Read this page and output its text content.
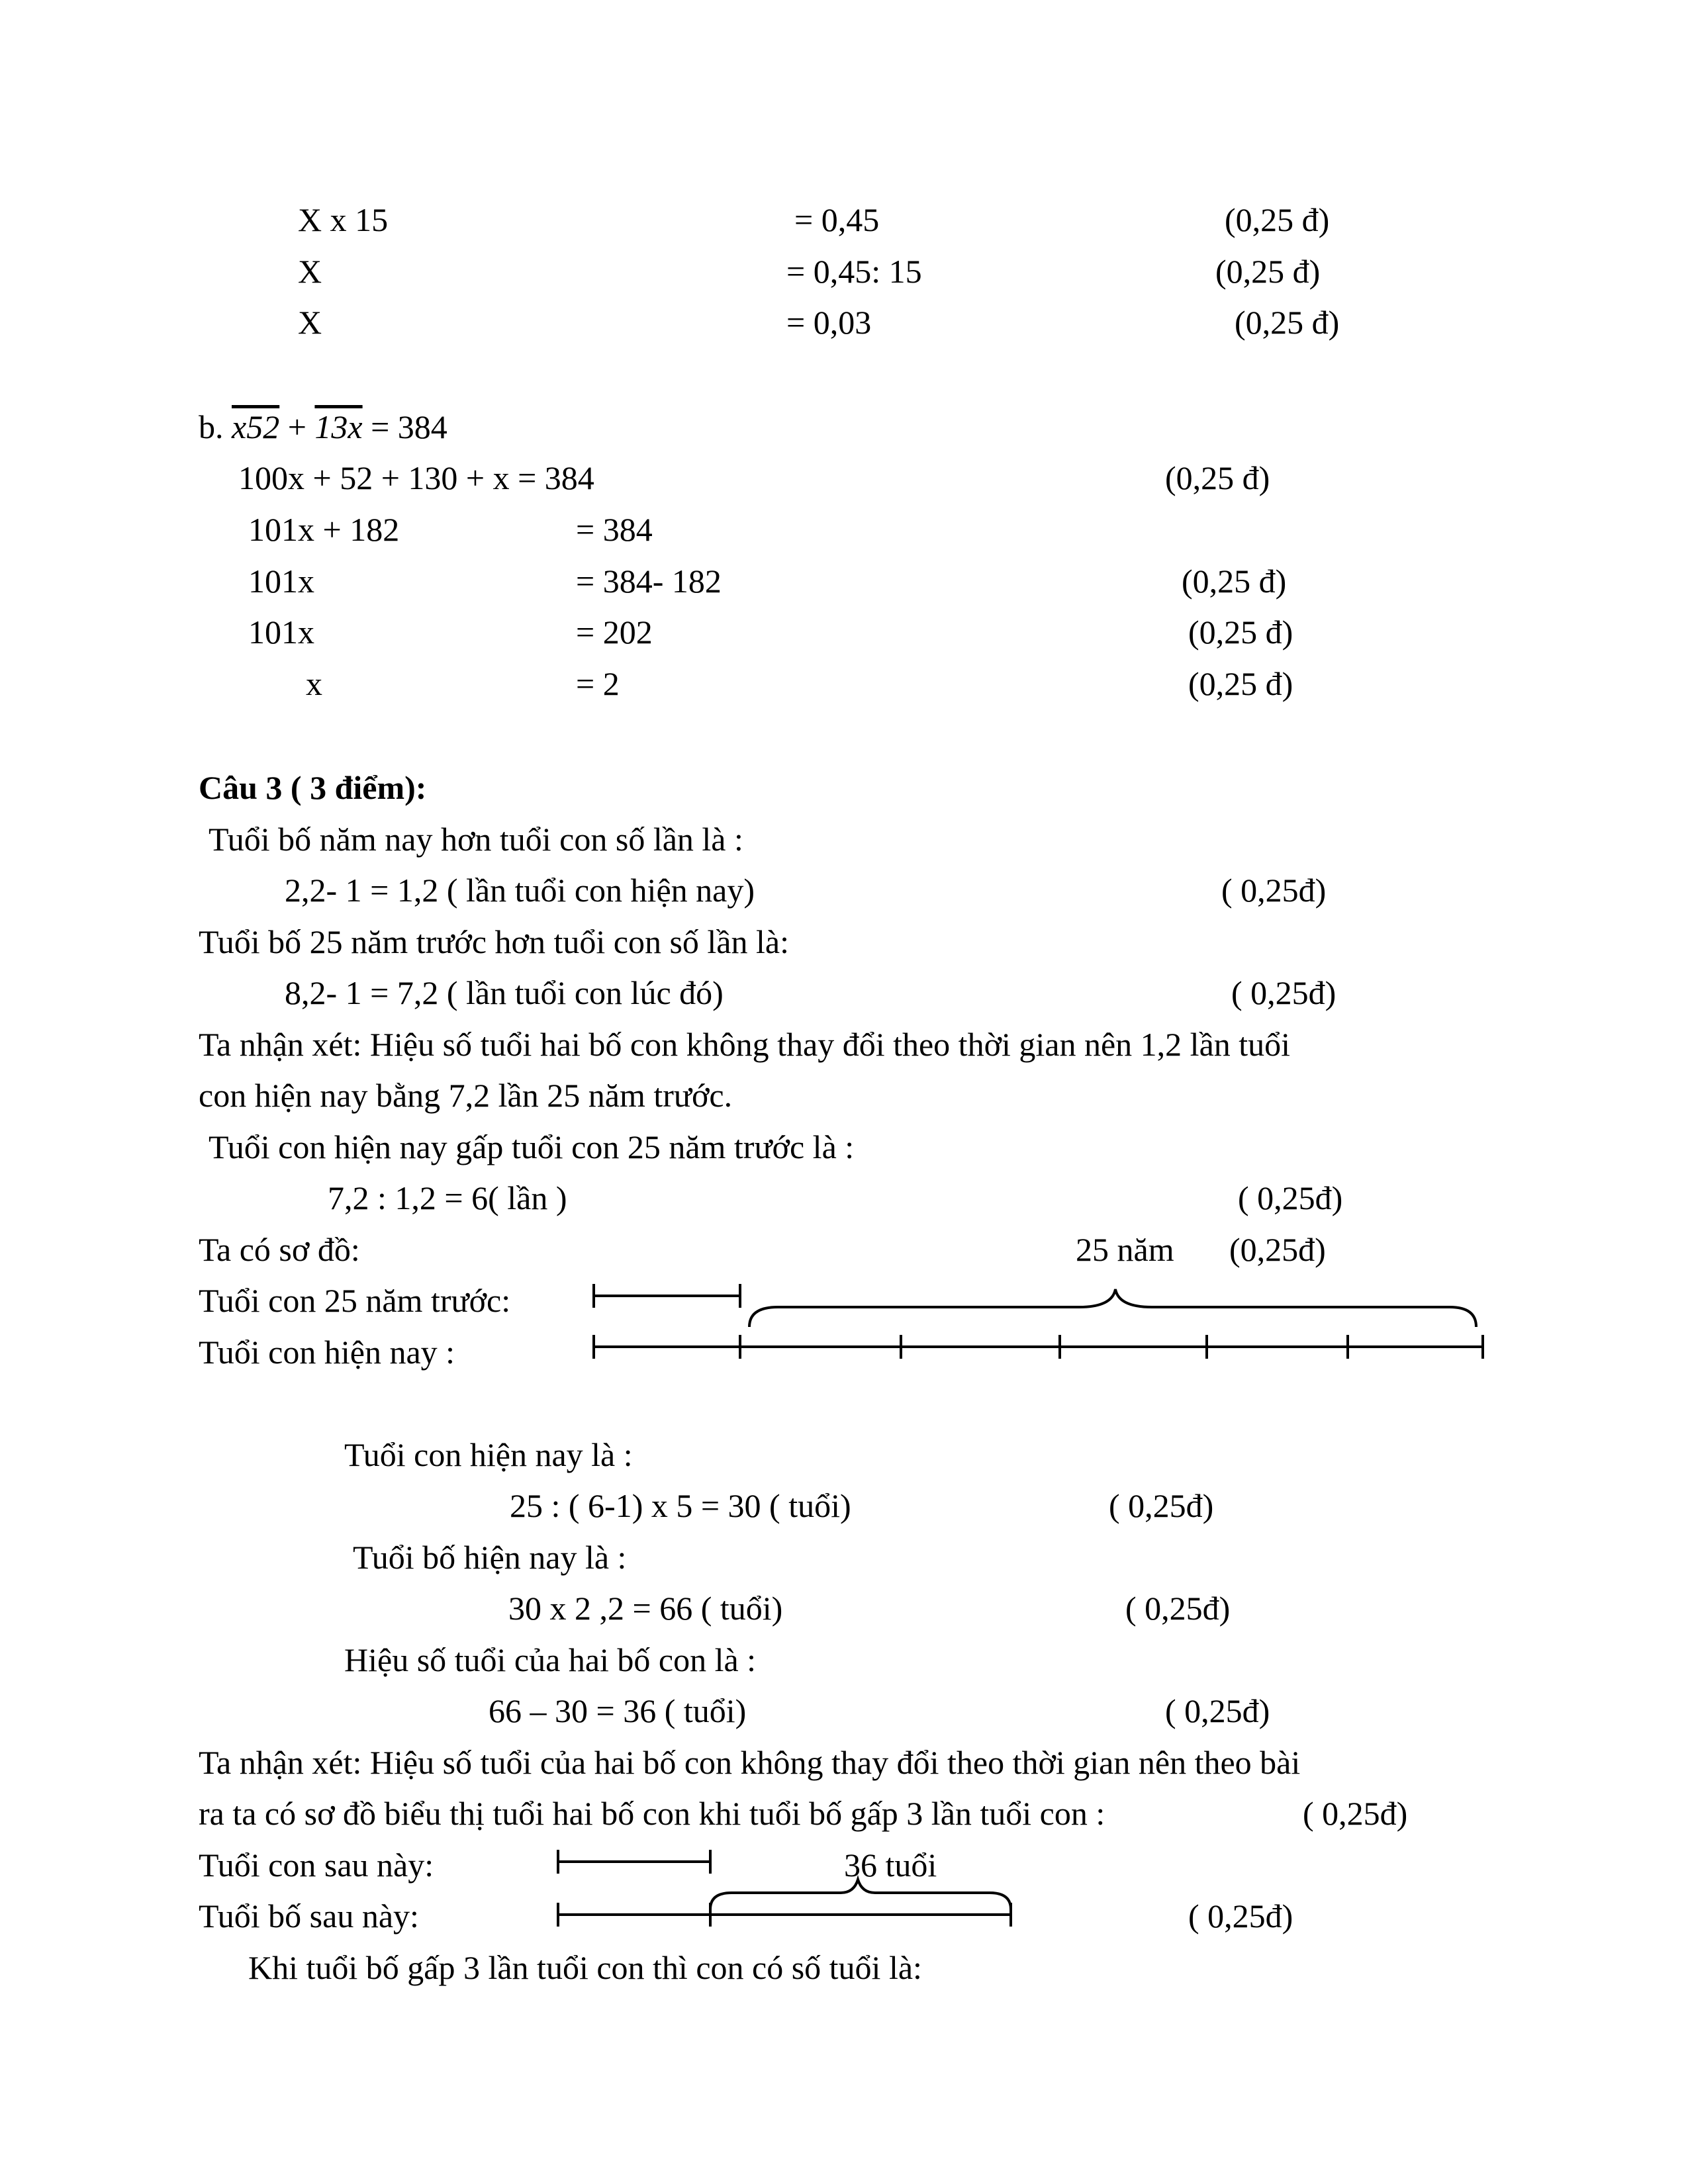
X x 15	= 0,45	(0,25 đ)
X	= 0,45: 15	(0,25 đ)
X	= 0,03	(0,25 đ)
b. x52 + 13x = 384
100x + 52 + 130 + x = 384	(0,25 đ)
101x + 182	= 384
101x	= 384- 182	(0,25 đ)
101x	= 202	(0,25 đ)
x	= 2	(0,25 đ)
Câu 3 ( 3 điểm):
Tuổi bố năm nay hơn tuổi con số lần là :
2,2- 1 = 1,2 ( lần tuổi con hiện nay)	( 0,25đ)
Tuổi bố 25 năm trước hơn tuổi con số lần là:
8,2- 1 = 7,2 ( lần tuổi con lúc đó)	( 0,25đ)
Ta nhận xét: Hiệu số tuổi hai bố con không thay đổi theo thời gian nên 1,2 lần tuổi
con hiện nay bằng 7,2 lần 25 năm trước.
Tuổi con hiện nay gấp tuổi con 25 năm trước là :
7,2 : 1,2 = 6( lần )	( 0,25đ)
Ta có sơ đồ:	25 năm (0,25đ)
Tuổi con 25 năm trước:
Tuổi con hiện nay :
Tuổi con hiện nay là :
25 : ( 6-1) x 5 = 30 ( tuổi)	( 0,25đ)
Tuổi bố hiện nay là :
30 x 2 ,2 = 66 ( tuổi)	( 0,25đ)
Hiệu số tuổi của hai bố con là :
66 – 30 = 36 ( tuổi)	( 0,25đ)
Ta nhận xét: Hiệu số tuổi của hai bố con không thay đổi theo thời gian nên theo bài
ra ta có sơ đồ biểu thị tuổi hai bố con khi tuổi bố gấp 3 lần tuổi con :	( 0,25đ)
Tuổi con sau này:	36 tuổi
Tuổi bố sau này:	( 0,25đ)
Khi tuổi bố gấp 3 lần tuổi con thì con có số tuổi là:
